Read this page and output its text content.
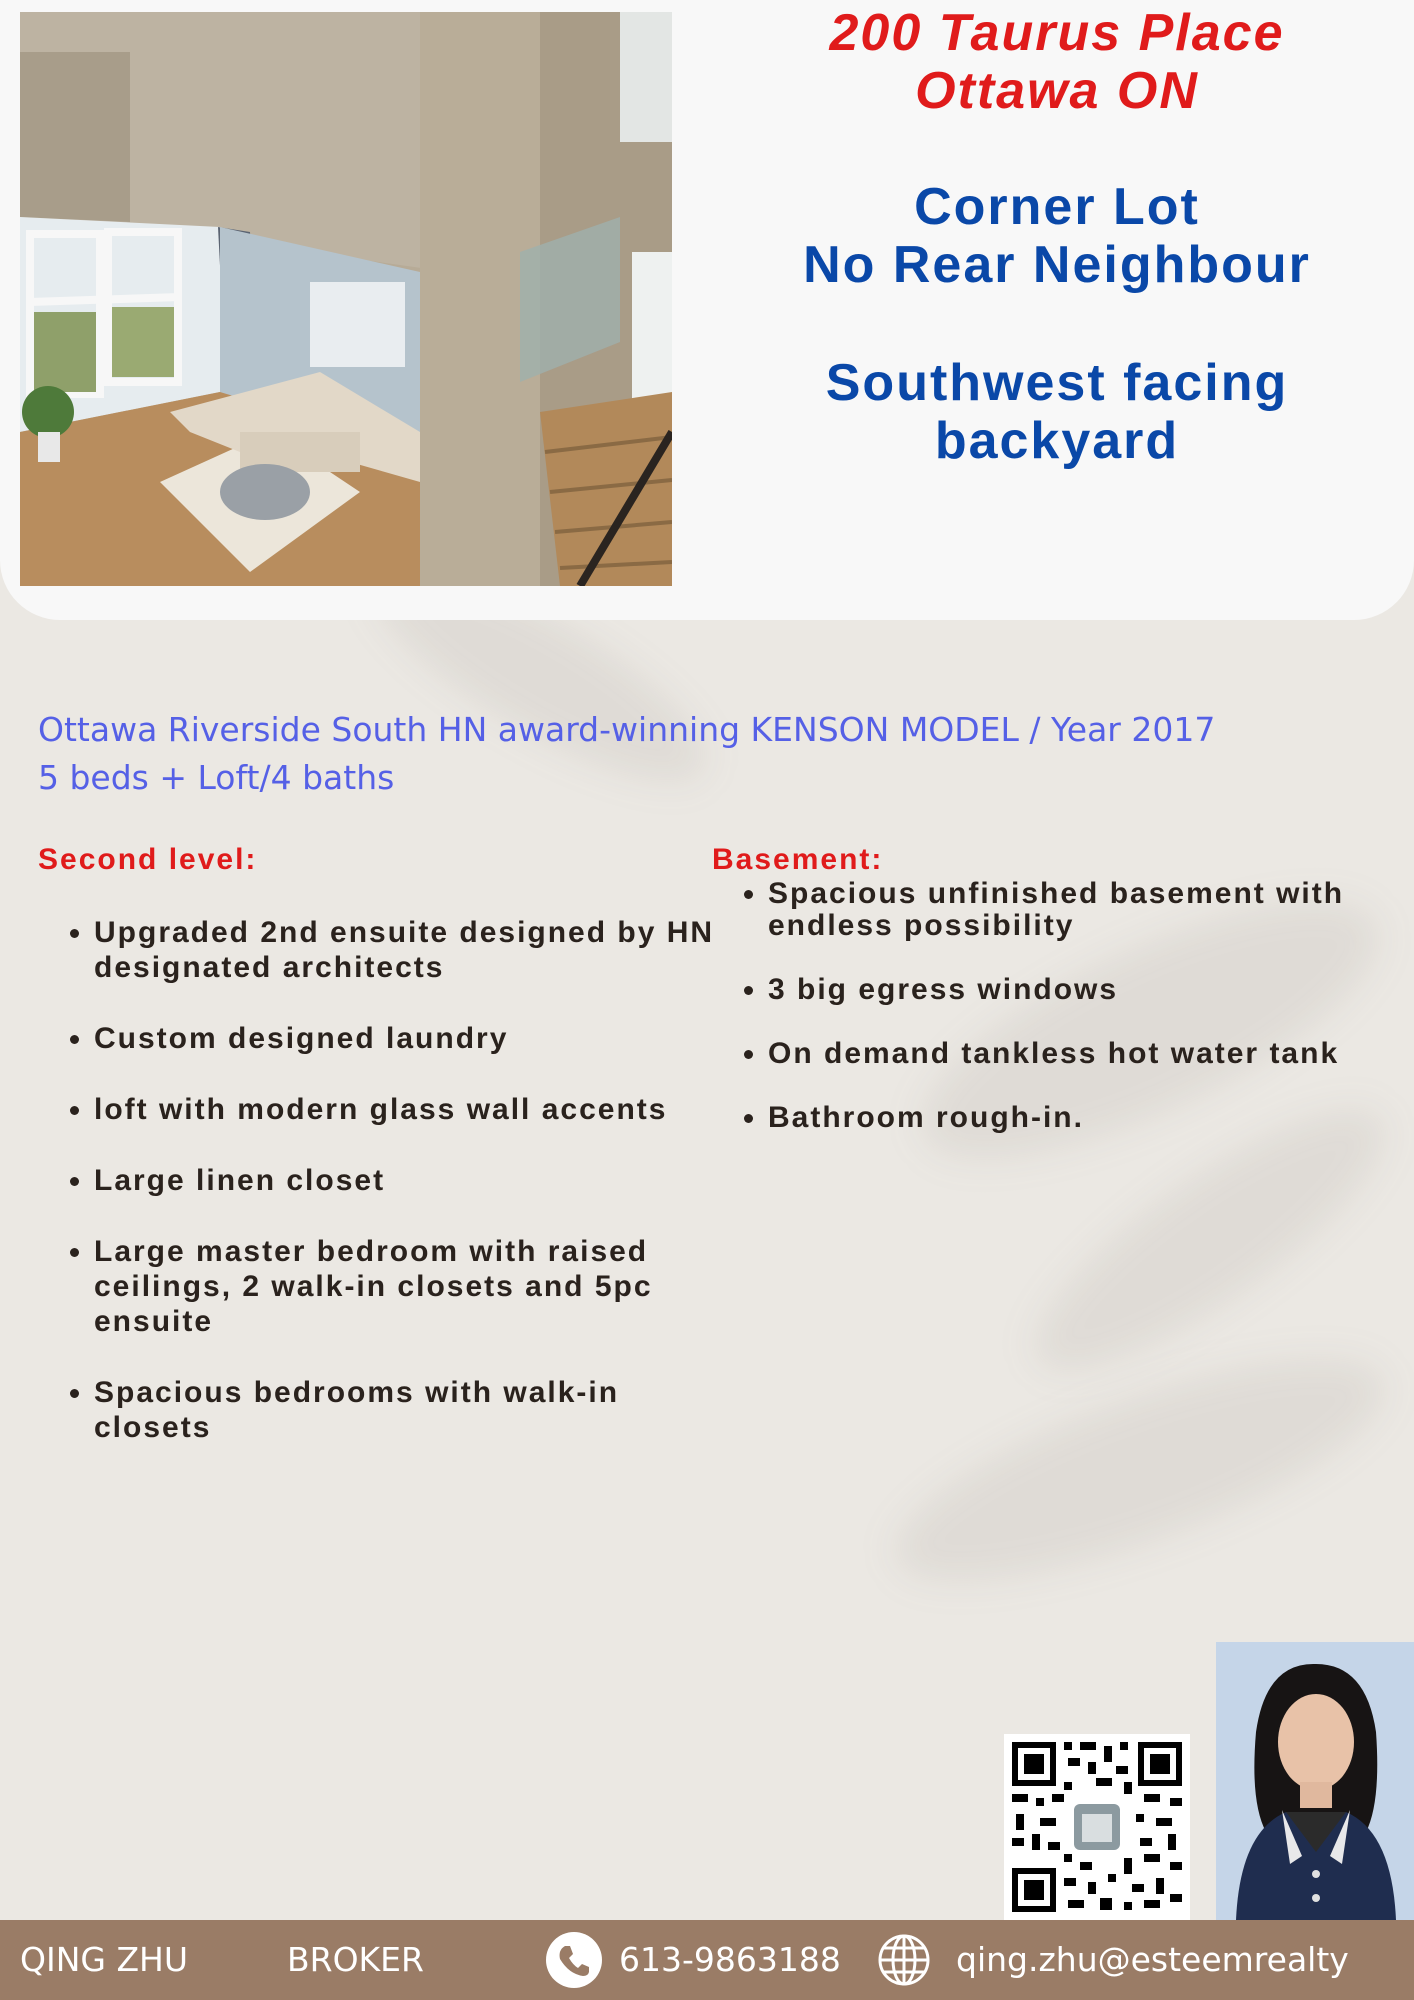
200 Taurus Place
Ottawa ON
Corner Lot
No Rear Neighbour
Southwest facing
backyard
Ottawa Riverside South HN award-winning KENSON MODEL / Year 2017
5 beds + Loft/4 baths
Second level:
• Upgraded 2nd ensuite designed by HN designated architects
• Custom designed laundry
• loft with modern glass wall accents
• Large linen closet
• Large master bedroom with raised ceilings, 2 walk-in closets and 5pc ensuite
• Spacious bedrooms with walk-in closets
Basement:
• Spacious unfinished basement with endless possibility
• 3 big egress windows
• On demand tankless hot water tank
• Bathroom rough-in.
QING ZHU	BROKER	613-9863188	qing.zhu@esteemrealty
